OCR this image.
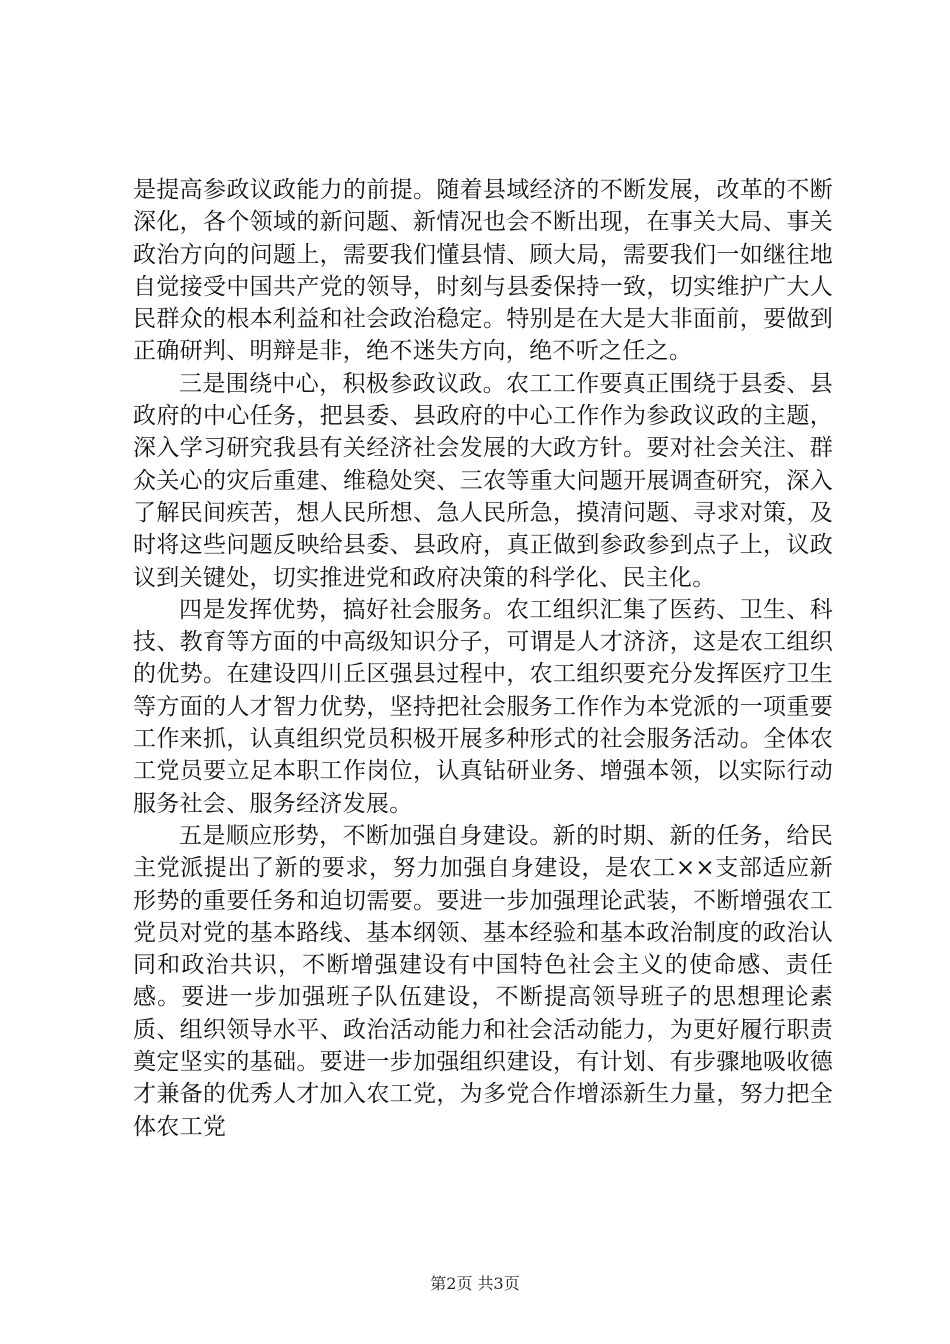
是提高参政议政能力的前提。随着县域经济的不断发展，改革的不断深化，各个领域的新问题、新情况也会不断出现，在事关大局、事关政治方向的问题上，需要我们懂县情、顾大局，需要我们一如继往地自觉接受中国共产党的领导，时刻与县委保持一致，切实维护广大人民群众的根本利益和社会政治稳定。特别是在大是大非面前，要做到正确研判、明辩是非，绝不迷失方向，绝不听之任之。

三是围绕中心，积极参政议政。农工工作要真正围绕于县委、县政府的中心任务，把县委、县政府的中心工作作为参政议政的主题，深入学习研究我县有关经济社会发展的大政方针。要对社会关注、群众关心的灾后重建、维稳处突、三农等重大问题开展调查研究，深入了解民间疾苦，想人民所想、急人民所急，摸清问题、寻求对策，及时将这些问题反映给县委、县政府，真正做到参政参到点子上，议政议到关键处，切实推进党和政府决策的科学化、民主化。

四是发挥优势，搞好社会服务。农工组织汇集了医药、卫生、科技、教育等方面的中高级知识分子，可谓是人才济济，这是农工组织的优势。在建设四川丘区强县过程中，农工组织要充分发挥医疗卫生等方面的人才智力优势，坚持把社会服务工作作为本党派的一项重要工作来抓，认真组织党员积极开展多种形式的社会服务活动。全体农工党员要立足本职工作岗位，认真钻研业务、增强本领，以实际行动服务社会、服务经济发展。

五是顺应形势，不断加强自身建设。新的时期、新的任务，给民主党派提出了新的要求，努力加强自身建设，是农工××支部适应新形势的重要任务和迫切需要。要进一步加强理论武装，不断增强农工党员对党的基本路线、基本纲领、基本经验和基本政治制度的政治认同和政治共识，不断增强建设有中国特色社会主义的使命感、责任感。要进一步加强班子队伍建设，不断提高领导班子的思想理论素质、组织领导水平、政治活动能力和社会活动能力，为更好履行职责奠定坚实的基础。要进一步加强组织建设，有计划、有步骤地吸收德才兼备的优秀人才加入农工党，为多党合作增添新生力量，努力把全体农工党

第2页 共3页
